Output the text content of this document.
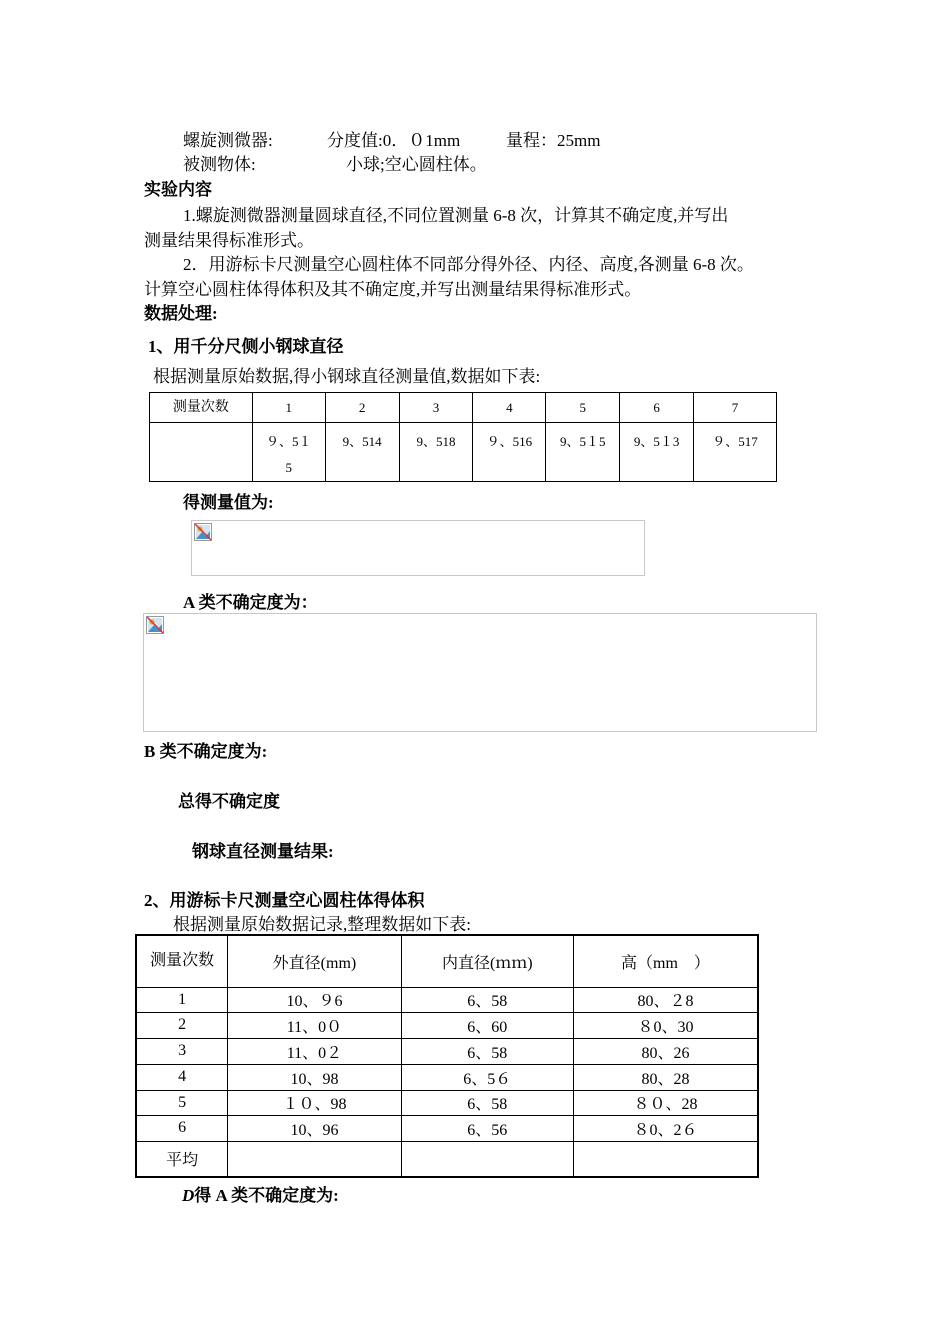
螺旋测微器:	分度值:0．０1mm	量程：25mm
被测物体:	小球;空心圆柱体。
实验内容
1.螺旋测微器测量圆球直径,不同位置测量 6-8 次，计算其不确定度,并写出
测量结果得标准形式。
2．用游标卡尺测量空心圆柱体不同部分得外径、内径、高度,各测量 6-8 次。
计算空心圆柱体得体积及其不确定度,并写出测量结果得标准形式。
数据处理:
1、用千分尺侧小钢球直径
根据测量原始数据,得小钢球直径测量值,数据如下表:
测量次数	1	2	3	4	5	6	7
	９、5１5	9、514	9、518	９、516	9、5１5	9、5１3	９、517
得测量值为:
A 类不确定度为：
B 类不确定度为:
总得不确定度
钢球直径测量结果:
2、用游标卡尺测量空心圆柱体得体积
根据测量原始数据记录,整理数据如下表:
测量次数	外直径(mm)	内直径(ｍｍ)	高（mm　）
1	10、９6	6、58	80、２8
2	11、0０	6、60	８0、30
3	11、0２	6、58	80、26
4	10、98	6、5６	80、28
5	１０、98	6、58	８０、28
6	10、96	6、56	８0、2６
平均			
D得 A 类不确定度为:
